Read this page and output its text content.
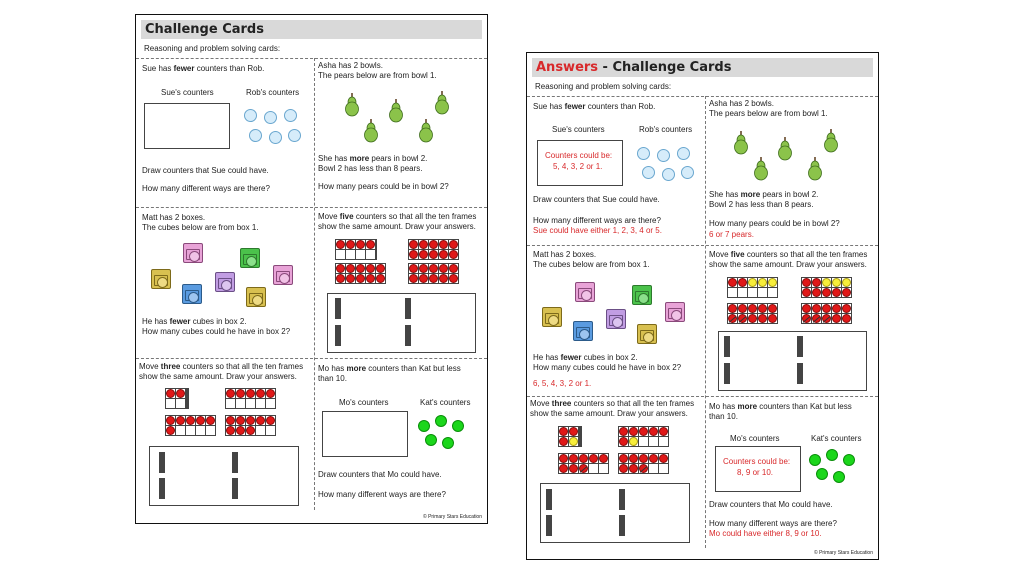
Challenge Cards
Reasoning and problem solving cards:
Sue has fewer counters than Rob.
Sue's counters	Rob's counters
Draw counters that Sue could have.
How many different ways are there?
Asha has 2 bowls.
The pears below are from bowl 1.
She has more pears in bowl 2.
Bowl 2 has less than 8 pears.
How many pears could be in bowl 2?
Matt has 2 boxes.
The cubes below are from box 1.
He has fewer cubes in box 2.
How many cubes could he have in box 2?
Move five counters so that all the ten frames
show the same amount. Draw your answers.

Move three counters so that all the ten frames
show the same amount. Draw your answers.

Mo has more counters than Kat but less
than 10.
Mo's counters	Kat's counters
Draw counters that Mo could have.
How many different ways are there?
© Primary Stars Education
Answers - Challenge Cards
Reasoning and problem solving cards:
Sue has fewer counters than Rob.
Sue's counters	Rob's counters
Counters could be:
5, 4, 3, 2 or 1.
Draw counters that Sue could have.
How many different ways are there?
Sue could have either 1, 2, 3, 4 or 5.
Asha has 2 bowls.
The pears below are from bowl 1.
She has more pears in bowl 2.
Bowl 2 has less than 8 pears.
How many pears could be in bowl 2?
6 or 7 pears.
Matt has 2 boxes.
The cubes below are from box 1.
He has fewer cubes in box 2.
How many cubes could he have in box 2?
6, 5, 4, 3, 2 or 1.
Move five counters so that all the ten frames
show the same amount. Draw your answers.

Move three counters so that all the ten frames
show the same amount. Draw your answers.

Mo has more counters than Kat but less
than 10.
Mo's counters	Kat's counters
Counters could be:
8, 9 or 10.
Draw counters that Mo could have.
How many different ways are there?
Mo could have either 8, 9 or 10.
© Primary Stars Education
